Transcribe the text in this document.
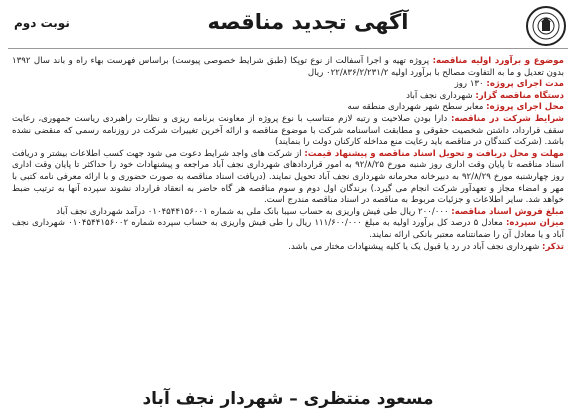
آگهی تجدید مناقصه
نوبت دوم

موضوع و برآورد اولیه مناقصه: پروژه تهیه و اجرا آسفالت از نوع توپکا (طبق شرایط خصوصی پیوست) براساس فهرست بهاء راه و باند سال ۱۳۹۲ بدون تعدیل و ما به التفاوت مصالح با برآورد اولیه ۰۲۲/۸۳۶/۲/۲۳۱/۲ ریال

مدت اجرای پروژه: ۱۳۰ روز

دستگاه مناقصه گزار: شهرداری نجف آباد

محل اجرای پروژه: معابر سطح شهر شهرداری منطقه سه

شرایط شرکت در مناقصه: دارا بودن صلاحیت و رتبه لازم متناسب با نوع پروژه از معاونت برنامه ریزی و نظارت راهبردی ریاست جمهوری، رعایت سقف قرارداد، داشتن شخصیت حقوقی و مطابقت اساسنامه شرکت با موضوع مناقصه و ارائه آخرین تغییرات شرکت در روزنامه رسمی که منقضی نشده باشد. (شرکت کنندگان در مناقصه باید رعایت منع مداخله کارکنان دولت را بنمایند)

مهلت و محل دریافت و تحویل اسناد مناقصه و پیشنهاد قیمت: از شرکت های واجد شرایط دعوت می شود جهت کسب اطلاعات بیشتر و دریافت اسناد مناقصه تا پایان وقت اداری روز شنبه مورخ ۹۲/۸/۲۵ به امور قراردادهای شهرداری نجف آباد مراجعه و پیشنهادات خود را حداکثر تا پایان وقت اداری روز چهارشنبه مورخ ۹۲/۸/۲۹ به دبیرخانه محرمانه شهرداری نجف آباد تحویل نمایند. (دریافت اسناد مناقصه به صورت حضوری و با ارائه معرفی نامه کتبی با مهر و امضاء مجاز و تعهدآور شرکت انجام می گیرد.) برندگان اول دوم و سوم مناقصه هر گاه حاضر به انعقاد قرارداد نشوند سپرده آنها به ترتیب ضبط خواهد شد. سایر اطلاعات و جزئیات مربوط به مناقصه در اسناد مناقصه مندرج است.

مبلغ فروش اسناد مناقصه: ۲۰۰/۰۰۰ ریال طی فیش واریزی به حساب سیبا بانک ملی به شماره ۰۱۰۴۵۴۴۱۵۶۰۰۱ درآمد شهرداری نجف آباد

میزان سپرده: معادل ۵ درصد کل برآورد اولیه به مبلغ ۱۱۱/۶۰۰/۰۰۰ ریال را طی فیش واریزی به حساب سپرده شماره ۰۱۰۴۵۴۴۱۵۶۰۰۲ شهرداری نجف آباد و یا معادل آن را ضمانتنامه معتبر بانکی ارائه نمایند.

تذکر: شهرداری نجف آباد در رد یا قبول یک یا کلیه پیشنهادات مختار می باشد.

مسعود منتظری – شهردار نجف آباد
